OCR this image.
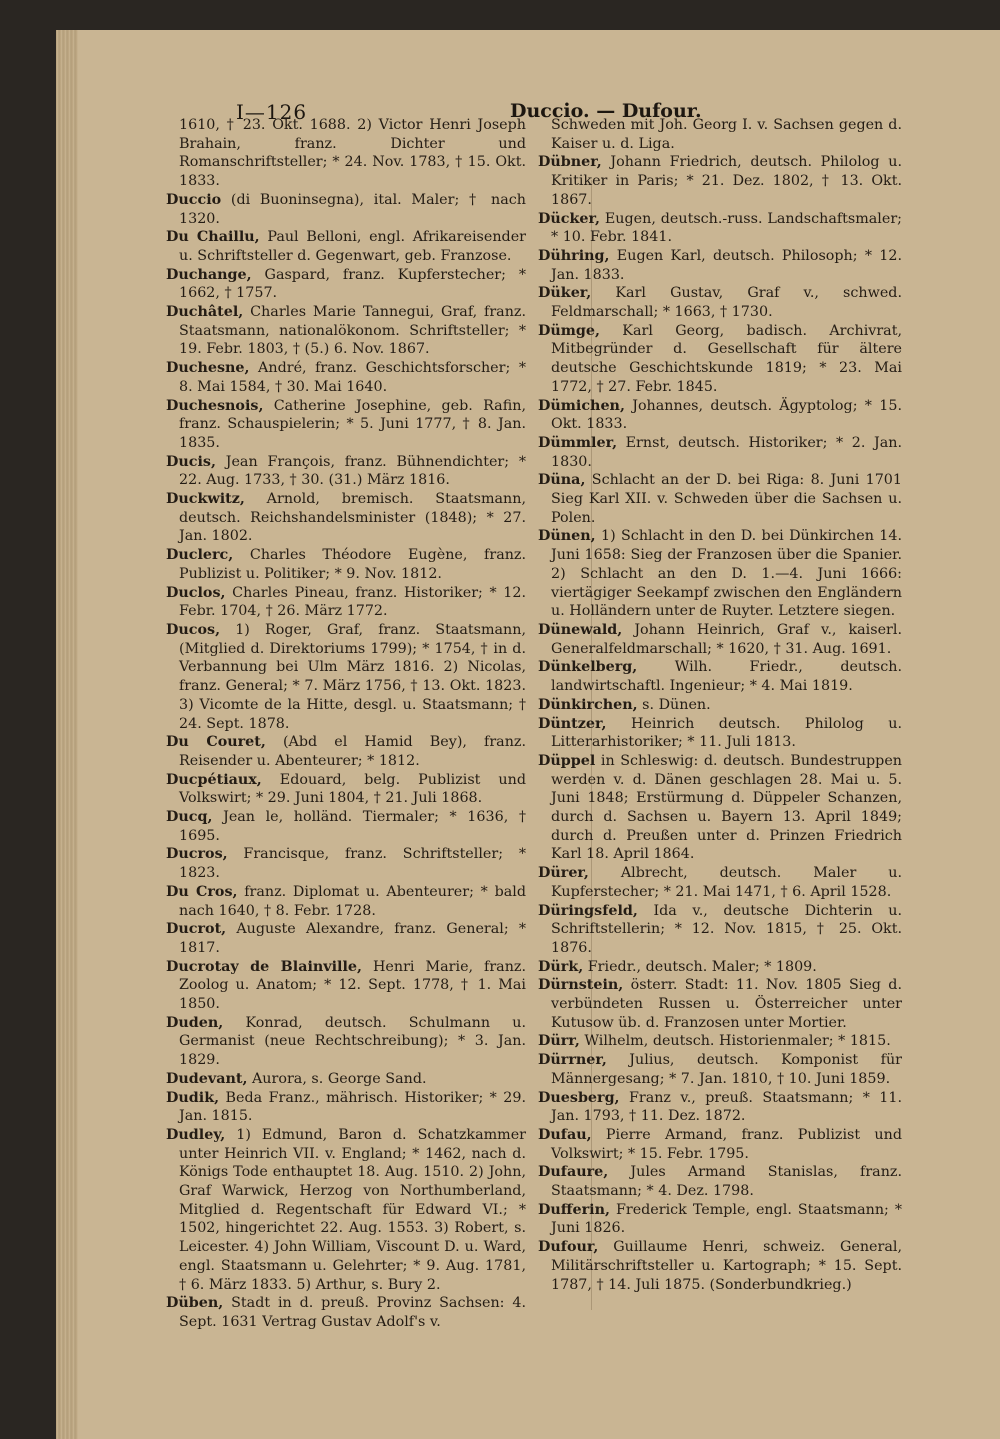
I—126	Duccio. — Dufour.
1610, † 23. Okt. 1688. 2) Victor Henri Joseph Brahain, franz. Dichter und Romanschriftsteller; * 24. Nov. 1783, † 15. Okt. 1833.
Duccio (di Buoninsegna), ital. Maler; † nach 1320.
Du Chaillu, Paul Belloni, engl. Afrikareisender u. Schriftsteller d. Gegenwart, geb. Franzose.
Duchange, Gaspard, franz. Kupferstecher; * 1662, † 1757.
Duchâtel, Charles Marie Tannegui, Graf, franz. Staatsmann, nationalökonom. Schriftsteller; * 19. Febr. 1803, † (5.) 6. Nov. 1867.
Duchesne, André, franz. Geschichtsforscher; * 8. Mai 1584, † 30. Mai 1640.
Duchesnois, Catherine Josephine, geb. Rafin, franz. Schauspielerin; * 5. Juni 1777, † 8. Jan. 1835.
Ducis, Jean François, franz. Bühnendichter; * 22. Aug. 1733, † 30. (31.) März 1816.
Duckwitz, Arnold, bremisch. Staatsmann, deutsch. Reichshandelsminister (1848); * 27. Jan. 1802.
Duclerc, Charles Théodore Eugène, franz. Publizist u. Politiker; * 9. Nov. 1812.
Duclos, Charles Pineau, franz. Historiker; * 12. Febr. 1704, † 26. März 1772.
Ducos, 1) Roger, Graf, franz. Staatsmann, (Mitglied d. Direktoriums 1799); * 1754, † in d. Verbannung bei Ulm März 1816. 2) Nicolas, franz. General; * 7. März 1756, † 13. Okt. 1823. 3) Vicomte de la Hitte, desgl. u. Staatsmann; † 24. Sept. 1878.
Du Couret, (Abd el Hamid Bey), franz. Reisender u. Abenteurer; * 1812.
Ducpétiaux, Edouard, belg. Publizist und Volkswirt; * 29. Juni 1804, † 21. Juli 1868.
Ducq, Jean le, holländ. Tiermaler; * 1636, † 1695.
Ducros, Francisque, franz. Schriftsteller; * 1823.
Du Cros, franz. Diplomat u. Abenteurer; * bald nach 1640, † 8. Febr. 1728.
Ducrot, Auguste Alexandre, franz. General; * 1817.
Ducrotay de Blainville, Henri Marie, franz. Zoolog u. Anatom; * 12. Sept. 1778, † 1. Mai 1850.
Duden, Konrad, deutsch. Schulmann u. Germanist (neue Rechtschreibung); * 3. Jan. 1829.
Dudevant, Aurora, s. George Sand.
Dudik, Beda Franz., mährisch. Historiker; * 29. Jan. 1815.
Dudley, 1) Edmund, Baron d. Schatzkammer unter Heinrich VII. v. England; * 1462, nach d. Königs Tode enthauptet 18. Aug. 1510. 2) John, Graf Warwick, Herzog von Northumberland, Mitglied d. Regentschaft für Edward VI.; * 1502, hingerichtet 22. Aug. 1553. 3) Robert, s. Leicester. 4) John William, Viscount D. u. Ward, engl. Staatsmann u. Gelehrter; * 9. Aug. 1781, † 6. März 1833. 5) Arthur, s. Bury 2.
Düben, Stadt in d. preuß. Provinz Sachsen: 4. Sept. 1631 Vertrag Gustav Adolf's v.
Schweden mit Joh. Georg I. v. Sachsen gegen d. Kaiser u. d. Liga.
Dübner, Johann Friedrich, deutsch. Philolog u. Kritiker in Paris; * 21. Dez. 1802, † 13. Okt. 1867.
Dücker, Eugen, deutsch.-russ. Landschaftsmaler; * 10. Febr. 1841.
Dühring, Eugen Karl, deutsch. Philosoph; * 12. Jan. 1833.
Düker, Karl Gustav, Graf v., schwed. Feldmarschall; * 1663, † 1730.
Dümge, Karl Georg, badisch. Archivrat, Mitbegründer d. Gesellschaft für ältere deutsche Geschichtskunde 1819; * 23. Mai 1772, † 27. Febr. 1845.
Dümichen, Johannes, deutsch. Ägyptolog; * 15. Okt. 1833.
Dümmler, Ernst, deutsch. Historiker; * 2. Jan. 1830.
Düna, Schlacht an der D. bei Riga: 8. Juni 1701 Sieg Karl XII. v. Schweden über die Sachsen u. Polen.
Dünen, 1) Schlacht in den D. bei Dünkirchen 14. Juni 1658: Sieg der Franzosen über die Spanier. 2) Schlacht an den D. 1.—4. Juni 1666: viertägiger Seekampf zwischen den Engländern u. Holländern unter de Ruyter. Letztere siegen.
Dünewald, Johann Heinrich, Graf v., kaiserl. Generalfeldmarschall; * 1620, † 31. Aug. 1691.
Dünkelberg, Wilh. Friedr., deutsch. landwirtschaftl. Ingenieur; * 4. Mai 1819.
Dünkirchen, s. Dünen.
Düntzer, Heinrich deutsch. Philolog u. Litterarhistoriker; * 11. Juli 1813.
Düppel in Schleswig: d. deutsch. Bundestruppen werden v. d. Dänen geschlagen 28. Mai u. 5. Juni 1848; Erstürmung d. Düppeler Schanzen, durch d. Sachsen u. Bayern 13. April 1849; durch d. Preußen unter d. Prinzen Friedrich Karl 18. April 1864.
Dürer, Albrecht, deutsch. Maler u. Kupferstecher; * 21. Mai 1471, † 6. April 1528.
Düringsfeld, Ida v., deutsche Dichterin u. Schriftstellerin; * 12. Nov. 1815, † 25. Okt. 1876.
Dürk, Friedr., deutsch. Maler; * 1809.
Dürnstein, österr. Stadt: 11. Nov. 1805 Sieg d. verbündeten Russen u. Österreicher unter Kutusow üb. d. Franzosen unter Mortier.
Dürr, Wilhelm, deutsch. Historienmaler; * 1815.
Dürrner, Julius, deutsch. Komponist für Männergesang; * 7. Jan. 1810, † 10. Juni 1859.
Duesberg, Franz v., preuß. Staatsmann; * 11. Jan. 1793, † 11. Dez. 1872.
Dufau, Pierre Armand, franz. Publizist und Volkswirt; * 15. Febr. 1795.
Dufaure, Jules Armand Stanislas, franz. Staatsmann; * 4. Dez. 1798.
Dufferin, Frederick Temple, engl. Staatsmann; * Juni 1826.
Dufour, Guillaume Henri, schweiz. General, Militärschriftsteller u. Kartograph; * 15. Sept. 1787, † 14. Juli 1875. (Sonderbundkrieg.)
